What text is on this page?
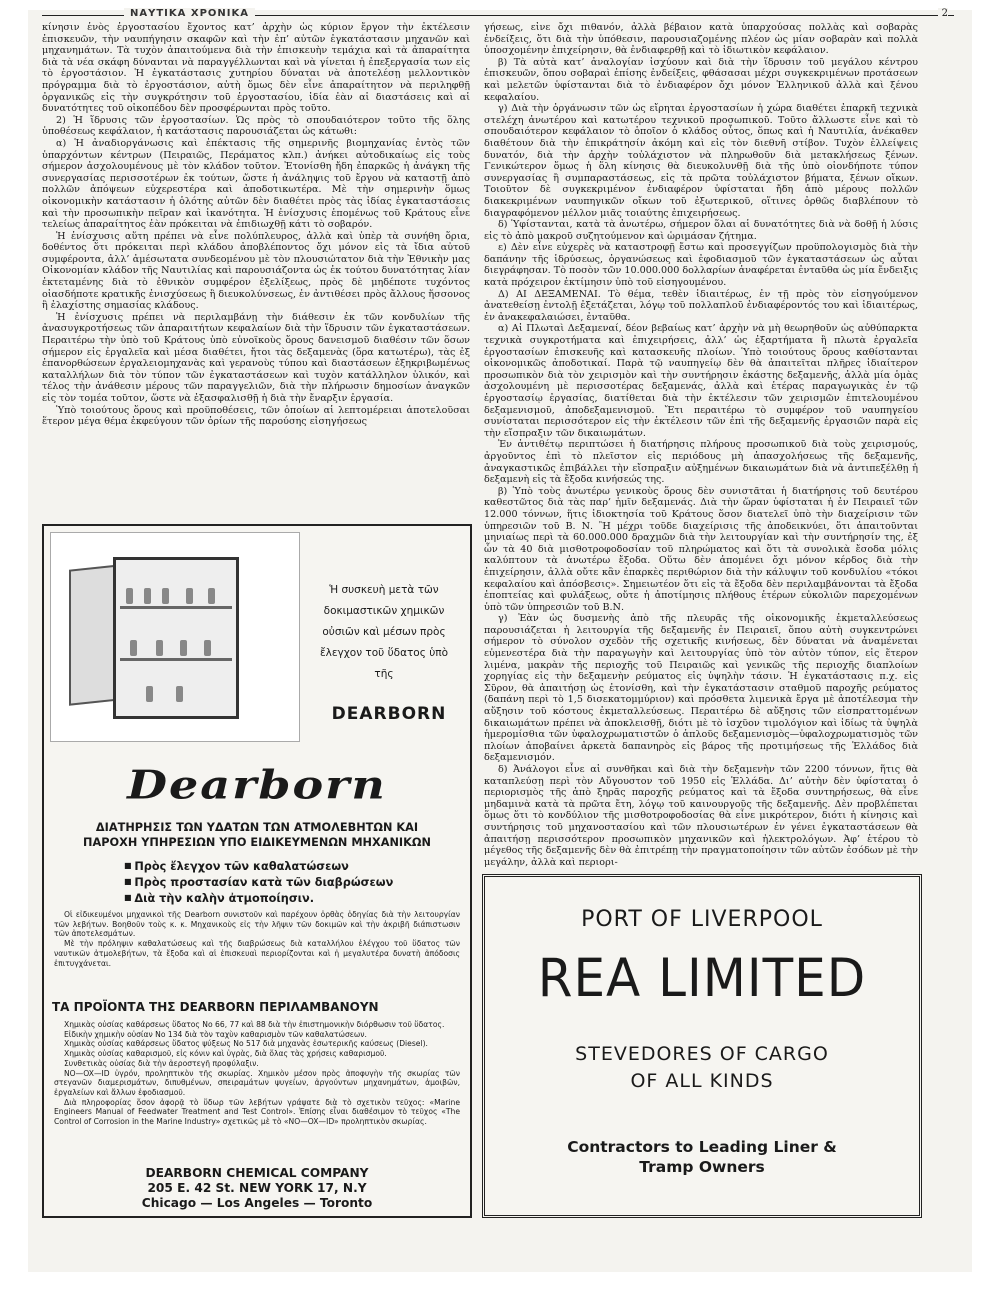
ΝΑΥΤΙΚΑ ΧΡΟΝΙΚΑ	2

κίνησιν ἑνὸς ἐργοστασίου ἔχοντος κατ’ ἀρχὴν ὡς κύριον ἔργον τὴν ἐκτέλεσιν ἐπισκευῶν, τὴν ναυπήγησιν σκαφῶν καὶ τὴν ἐπ’ αὐτῶν ἐγκατάστασιν μηχανῶν καὶ μηχανημάτων. Τὰ τυχὸν ἀπαιτούμενα διὰ τὴν ἐπισκευὴν τεμάχια καὶ τὰ ἀπαραίτητα διὰ τὰ νέα σκάφη δύνανται νὰ παραγγέλλωνται καὶ νὰ γίνεται ἡ ἐπεξεργασία των εἰς τὸ ἐργοστάσιον. Ἡ ἐγκατάστασις χυτηρίου δύναται νὰ ἀποτελέσῃ μελλοντικὸν πρόγραμμα διὰ τὸ ἐργοστάσιον, αὐτὴ ὅμως δὲν εἶνε ἀπαραίτητον νὰ περιληφθῇ ὀργανικῶς εἰς τὴν συγκρότησιν τοῦ ἐργοστασίου, ἰδία ἐὰν αἱ διαστάσεις καὶ αἱ δυνατότητες τοῦ οἰκοπέδου δὲν προσφέρωνται πρὸς τοῦτο.

2) Ἡ ἵδρυσις τῶν ἐργοστασίων. Ὡς πρὸς τὸ σπουδαιότερον τοῦτο τῆς ὅλης ὑποθέσεως κεφάλαιον, ἡ κατάστασις παρουσιάζεται ὡς κάτωθι:

α) Ἡ ἀναδιοργάνωσις καὶ ἐπέκτασις τῆς σημερινῆς βιομηχανίας ἐντὸς τῶν ὑπαρχόντων κέντρων (Πειραιῶς, Περάματος κλπ.) ἀνήκει αὐτοδικαίως εἰς τοὺς σήμερον ἀσχολουμένους μὲ τὸν κλάδον τοῦτον. Ἐτονίσθη ἤδη ἐπαρκῶς ἡ ἀνάγκη τῆς συνεργασίας περισσοτέρων ἐκ τούτων, ὥστε ἡ ἀνάληψις τοῦ ἔργου νὰ καταστῇ ἀπὸ πολλῶν ἀπόψεων εὐχερεστέρα καὶ ἀποδοτικωτέρα. Μὲ τὴν σημερινὴν ὅμως οἰκονομικὴν κατάστασιν ἡ ὁλότης αὐτῶν δὲν διαθέτει πρὸς τὰς ἰδίας ἐγκαταστάσεις καὶ τὴν προσωπικὴν πεῖραν καὶ ἱκανότητα. Ἡ ἐνίσχυσις ἑπομένως τοῦ Κράτους εἶνε τελείως ἀπαραίτητος ἐὰν πρόκειται νὰ ἐπιδιωχθῇ κάτι τὸ σοβαρόν.

Ἡ ἐνίσχυσις αὕτη πρέπει νὰ εἶνε πολύπλευρος, ἀλλὰ καὶ ὑπὲρ τὰ συνήθη ὅρια, δοθέντος ὅτι πρόκειται περὶ κλάδου ἀποβλέποντος ὄχι μόνον εἰς τὰ ἴδια αὐτοῦ συμφέροντα, ἀλλ’ ἀμέσωτατα συνδεομένου μὲ τὸν πλουσιώτατον διὰ τὴν Ἐθνικὴν μας Οἰκονομίαν κλάδον τῆς Ναυτιλίας καὶ παρουσιάζοντα ὡς ἐκ τούτου δυνατότητας λίαν ἐκτεταμένης διὰ τὸ ἐθνικὸν συμφέρον ἐξελίξεως, πρὸς δὲ μηδέποτε τυχόντος οἱασδήποτε κρατικῆς ἐνισχύσεως ἢ διευκολύνσεως, ἐν ἀντιθέσει πρὸς ἄλλους ἥσσονος ἢ ἐλαχίστης σημασίας κλάδους.

Ἡ ἐνίσχυσις πρέπει νὰ περιλαμβάνῃ τὴν διάθεσιν ἐκ τῶν κονδυλίων τῆς ἀνασυγκροτήσεως τῶν ἀπαραιτήτων κεφαλαίων διὰ τὴν ἵδρυσιν τῶν ἐγκαταστάσεων. Περαιτέρω τὴν ὑπὸ τοῦ Κράτους ὑπὸ εὐνοϊκοὺς ὅρους δανεισμοῦ διαθέσιν τῶν ὅσων σήμερον εἰς ἐργαλεῖα καὶ μέσα διαθέτει, ἤτοι τὰς δεξαμενὰς (ὅρα κατωτέρω), τὰς ἐξ ἐπανορθώσεων ἐργαλειομηχανὰς καὶ γερανοὺς τύπου καὶ διαστάσεων ἐξηκριβωμένως καταλλήλων διὰ τὸν τύπον τῶν ἐγκαταστάσεων καὶ τυχὸν κατάλληλον ὑλικόν, καὶ τέλος τὴν ἀνάθεσιν μέρους τῶν παραγγελιῶν, διὰ τὴν πλήρωσιν δημοσίων ἀναγκῶν εἰς τὸν τομέα τοῦτον, ὥστε νὰ ἐξασφαλισθῇ ἡ διὰ τὴν ἔναρξιν ἐργασία.

Ὑπὸ τοιούτους ὅρους καὶ προϋποθέσεις, τῶν ὁποίων αἱ λεπτομέρειαι ἀποτελοῦσαι ἕτερον μέγα θέμα ἐκφεύγουν τῶν ὁρίων τῆς παρούσης εἰσηγήσεως

γήσεως, εἶνε ὄχι πιθανόν, ἀλλὰ βέβαιον κατὰ ὑπαρχούσας πολλὰς καὶ σοβαρὰς ἐνδείξεις, ὅτι διὰ τὴν ὑπόθεσιν, παρουσιαζομένης πλέον ὡς μίαν σοβαρὰν καὶ πολλὰ ὑποσχομένην ἐπιχείρησιν, θὰ ἐνδιαφερθῇ καὶ τὸ ἰδιωτικὸν κεφάλαιον.

β) Τὰ αὐτὰ κατ’ ἀναλογίαν ἰσχύουν καὶ διὰ τὴν ἵδρυσιν τοῦ μεγάλου κέντρου ἐπισκευῶν, ὅπου σοβαραὶ ἐπίσης ἐνδείξεις, φθάσασαι μέχρι συγκεκριμένων προτάσεων καὶ μελετῶν ὑφίστανται διὰ τὸ ἐνδιαφέρον ὄχι μόνον Ἑλληνικοῦ ἀλλὰ καὶ ξένου κεφαλαίου.

γ) Διὰ τὴν ὀργάνωσιν τῶν ὡς εἴρηται ἐργοστασίων ἡ χώρα διαθέτει ἐπαρκῆ τεχνικὰ στελέχη ἀνωτέρου καὶ κατωτέρου τεχνικοῦ προσωπικοῦ. Τοῦτο ἄλλωστε εἶνε καὶ τὸ σπουδαιότερον κεφάλαιον τὸ ὁποῖον ὁ κλάδος οὗτος, ὅπως καὶ ἡ Ναυτιλία, ἀνέκαθεν διαθέτουν διὰ τὴν ἐπικράτησίν ἀκόμη καὶ εἰς τὸν διεθνῆ στίβον. Τυχὸν ἐλλείψεις δυνατόν, διὰ τὴν ἀρχὴν τοὐλάχιστον νὰ πληρωθοῦν διὰ μετακλήσεως ξένων. Γενικώτερον ὅμως ἡ ὅλη κίνησις θὰ διευκολυνθῇ διὰ τῆς ὑπὸ οἱονδήποτε τύπον συνεργασίας ἢ συμπαραστάσεως, εἰς τὰ πρῶτα τοὐλάχιστον βήματα, ξένων οἴκων. Τοιοῦτον δὲ συγκεκριμένον ἐνδιαφέρον ὑφίσταται ἤδη ἀπὸ μέρους πολλῶν διακεκριμένων ναυπηγικῶν οἴκων τοῦ ἐξωτερικοῦ, οἵτινες ὀρθῶς διαβλέπουν τὸ διαγραφόμενον μέλλον μιᾶς τοιαύτης ἐπιχειρήσεως.

δ) Ὑφίστανται, κατὰ τὰ ἀνωτέρω, σήμερον ὅλαι αἱ δυνατότητες διὰ νὰ δοθῇ ἡ λύσις εἰς τὸ ἀπὸ μακροῦ συζητούμενον καὶ ὡριμάσαν ζήτημα.

ε) Δὲν εἶνε εὐχερὲς νὰ καταστροφῇ ἔστω καὶ προσεγγίζων προϋπολογισμὸς διὰ τὴν δαπάνην τῆς ἱδρύσεως, ὀργανώσεως καὶ ἐφοδιασμοῦ τῶν ἐγκαταστάσεων ὡς αὗται διεγράφησαν. Τὸ ποσὸν τῶν 10.000.000 δολλαρίων ἀναφέρεται ἐνταῦθα ὡς μία ἔνδειξις κατὰ πρόχειρον ἐκτίμησιν ὑπὸ τοῦ εἰσηγουμένου.

Δ) ΑΙ ΔΕΞΑΜΕΝΑΙ. Τὸ θέμα, τεθὲν ἰδιαιτέρως, ἐν τῇ πρὸς τὸν εἰσηγούμενον ἀνατεθείσῃ ἐντολῇ ἐξετάζεται, λόγῳ τοῦ πολλαπλοῦ ἐνδιαφέροντός του καὶ ἰδιαιτέρως, ἐν ἀνακεφαλαιώσει, ἐνταῦθα.

α) Αἱ Πλωταὶ Δεξαμεναί, δέον βεβαίως κατ’ ἀρχὴν νὰ μὴ θεωρηθοῦν ὡς αὐθύπαρκτα τεχνικὰ συγκροτήματα καὶ ἐπιχειρήσεις, ἀλλ’ ὡς ἐξαρτήματα ἢ πλωτὰ ἐργαλεῖα ἐργοστασίων ἐπισκευῆς καὶ κατασκευῆς πλοίων. Ὑπὸ τοιούτους ὅρους καθίστανται οἰκονομικῶς ἀποδοτικαί. Παρὰ τῷ ναυπηγείῳ δὲν θὰ ἀπαιτεῖται πλῆρες ἰδιαίτερον προσωπικὸν διὰ τὸν χειρισμὸν καὶ τὴν συντήρησιν ἑκάστης δεξαμενῆς, ἀλλὰ μία ὁμὰς ἀσχολουμένη μὲ περισσοτέρας δεξαμενάς, ἀλλὰ καὶ ἑτέρας παραγωγικὰς ἐν τῷ ἐργοστασίῳ ἐργασίας, διατίθεται διὰ τὴν ἐκτέλεσιν τῶν χειρισμῶν ἐπιτελουμένου δεξαμενισμοῦ, ἀποδεξαμενισμοῦ. Ἔτι περαιτέρω τὸ συμφέρον τοῦ ναυπηγείου συνίσταται περισσότερον εἰς τὴν ἐκτέλεσιν τῶν ἐπὶ τῆς δεξαμενῆς ἐργασιῶν παρὰ εἰς τὴν εἴσπραξιν τῶν δικαιωμάτων.

Ἐν ἀντιθέτῳ περιπτώσει ἡ διατήρησις πλήρους προσωπικοῦ διὰ τοὺς χειρισμούς, ἀργοῦντος ἐπὶ τὸ πλεῖστον εἰς περιόδους μὴ ἀπασχολήσεως τῆς δεξαμενῆς, ἀναγκαστικῶς ἐπιβάλλει τὴν εἴσπραξιν αὐξημένων δικαιωμάτων διὰ νὰ ἀντιπεξέλθῃ ἡ δεξαμενὴ εἰς τὰ ἔξοδα κινήσεώς της.

β) Ὑπὸ τοὺς ἀνωτέρω γενικοὺς ὅρους δὲν συνιστᾶται ἡ διατήρησις τοῦ δευτέρου καθεστῶτος διὰ τὰς παρ’ ἡμῖν δεξαμενάς. Διὰ τὴν ὥραν ὑφίσταται ἡ ἐν Πειραιεῖ τῶν 12.000 τόννων, ἥτις ἰδιοκτησία τοῦ Κράτους ὅσον διατελεῖ ὑπὸ τὴν διαχείρισιν τῶν ὑπηρεσιῶν τοῦ Β. Ν. Ἢ μέχρι τοῦδε διαχείρισις τῆς ἀποδεικνύει, ὅτι ἀπαιτοῦνται μηνιαίως περὶ τὰ 60.000.000 δραχμῶν διὰ τὴν λειτουργίαν καὶ τὴν συντήρησίν της, ἐξ ὧν τὰ 40 διὰ μισθοτροφοδοσίαν τοῦ πληρώματος καὶ ὅτι τὰ συνολικὰ ἔσοδα μόλις καλύπτουν τὰ ἀνωτέρω ἔξοδα. Οὕτω δὲν ἀπομένει ὄχι μόνον κέρδος διὰ τὴν ἐπιχείρησιν, ἀλλὰ οὔτε κἂν ἐπαρκὲς περιθώριον διὰ τὴν κάλυψιν τοῦ κονδυλίου «τόκοι κεφαλαίου καὶ ἀπόσβεσις». Σημειωτέον ὅτι εἰς τὰ ἔξοδα δὲν περιλαμβάνονται τὰ ἔξοδα ἐποπτείας καὶ φυλάξεως, οὔτε ἡ ἀποτίμησις πλήθους ἑτέρων εὐκολιῶν παρεχομένων ὑπὸ τῶν ὑπηρεσιῶν τοῦ Β.Ν.

γ) Ἐὰν ὡς δυσμενὴς ἀπὸ τῆς πλευρᾶς τῆς οἰκονομικῆς ἐκμεταλλεύσεως παρουσιάζεται ἡ λειτουργία τῆς δεξαμενῆς ἐν Πειραιεῖ, ὅπου αὐτὴ συγκεντρώνει σήμερον τὸ σύνολον σχεδὸν τῆς σχετικῆς κινήσεως, δὲν δύναται νὰ ἀναμένεται εὐμενεστέρα διὰ τὴν παραγωγὴν καὶ λειτουργίας ὑπὸ τὸν αὐτὸν τύπον, εἰς ἕτερον λιμένα, μακρὰν τῆς περιοχῆς τοῦ Πειραιῶς καὶ γενικῶς τῆς περιοχῆς διαπλοίων χορηγίας εἰς τὴν δεξαμενὴν ρεύματος εἰς ὑψηλὴν τάσιν. Ἡ ἐγκατάστασις π.χ. εἰς Σῦρον, θὰ ἀπαιτήσῃ ὡς ἐτονίσθη, καὶ τὴν ἐγκατάστασιν σταθμοῦ παροχῆς ρεύματος (δαπάνη περὶ τὸ 1,5 δισεκατομμύριον) καὶ πρόσθετα λιμενικὰ ἔργα μὲ ἀποτέλεσμα τὴν αὔξησιν τοῦ κόστους ἐκμεταλλεύσεως. Περαιτέρω δὲ αὔξησις τῶν εἰσπραττομένων δικαιωμάτων πρέπει νὰ ἀποκλεισθῇ, διότι μὲ τὸ ἰσχῦον τιμολόγιον καὶ ἰδίως τὰ ὑψηλὰ ἡμερομίσθια τῶν ὑφαλοχρωματιστῶν ὁ ἁπλοῦς δεξαμενισμὸς—ὑφαλοχρωματισμὸς τῶν πλοίων ἀποβαίνει ἀρκετὰ δαπανηρὸς εἰς βάρος τῆς προτιμήσεως τῆς Ἑλλάδος διὰ δεξαμενισμόν.

δ) Ἀνάλογοι εἶνε αἱ συνθῆκαι καὶ διὰ τὴν δεξαμενὴν τῶν 2200 τόννων, ἥτις θὰ καταπλεύσῃ περὶ τὸν Αὔγουστον τοῦ 1950 εἰς Ἑλλάδα. Δι’ αὐτὴν δὲν ὑφίσταται ὁ περιορισμὸς τῆς ἀπὸ ξηρᾶς παροχῆς ρεύματος καὶ τὰ ἔξοδα συντηρήσεως, θὰ εἶνε μηδαμινὰ κατὰ τὰ πρῶτα ἔτη, λόγῳ τοῦ καινουργοῦς τῆς δεξαμενῆς. Δὲν προβλέπεται ὅμως ὅτι τὸ κονδύλιον τῆς μισθοτροφοδοσίας θὰ εἶνε μικρότερον, διότι ἡ κίνησις καὶ συντήρησις τοῦ μηχανοστασίου καὶ τῶν πλουσιωτέρων ἐν γένει ἐγκαταστάσεων θὰ ἀπαιτήσῃ περισσότερον προσωπικὸν μηχανικῶν καὶ ἠλεκτρολόγων. Ἀφ’ ἑτέρου τὸ μέγεθος τῆς δεξαμενῆς δὲν θὰ ἐπιτρέπῃ τὴν πραγματοποίησιν τῶν αὐτῶν ἐσόδων μὲ τὴν μεγάλην, ἀλλὰ καὶ περιορι-

Ἡ συσκευὴ μετὰ τῶν δοκιμαστικῶν χημικῶν οὐσιῶν καὶ μέσων πρὸς ἔλεγχον τοῦ ὕδατος ὑπὸ τῆς
DEARBORN
Dearborn
ΔΙΑΤΗΡΗΣΙΣ ΤΩΝ ΥΔΑΤΩΝ ΤΩΝ ΑΤΜΟΛΕΒΗΤΩΝ ΚΑΙ
ΠΑΡΟΧΗ ΥΠΗΡΕΣΙΩΝ ΥΠΟ ΕΙΔΙΚΕΥΜΕΝΩΝ ΜΗΧΑΝΙΚΩΝ
■ Πρὸς ἔλεγχον τῶν καθαλατώσεων
■ Πρὸς προστασίαν κατὰ τῶν διαβρώσεων
■ Διὰ τὴν καλὴν ἀτμοποίησιν.

Οἱ εἰδικευμένοι μηχανικοὶ τῆς Dearborn συνιστοῦν καὶ παρέχουν ὀρθὰς ὁδηγίας διὰ τὴν λειτουργίαν τῶν λεβήτων. Βοηθοῦν τοὺς κ. κ. Μηχανικοὺς εἰς τὴν λῆψιν τῶν δοκιμῶν καὶ τὴν ἀκριβῆ διάπιστωσιν τῶν ἀποτελεσμάτων.

Μὲ τὴν πρόληψιν καθαλατώσεως καὶ τῆς διαβρώσεως διὰ καταλλήλου ἐλέγχου τοῦ ὕδατος τῶν ναυτικῶν ἀτμολεβήτων, τὰ ἔξοδα καὶ αἱ ἐπισκευαὶ περιορίζονται καὶ ἡ μεγαλυτέρα δυνατὴ ἀπόδοσις ἐπιτυγχάνεται.

ΤΑ ΠΡΟΪΟΝΤΑ ΤΗΣ DEARBORN ΠΕΡΙΛΑΜΒΑΝΟΥΝ

Χημικὰς οὐσίας καθάρσεως ὕδατος No 66, 77 καὶ 88 διὰ τὴν ἐπιστημονικὴν διόρθωσιν τοῦ ὕδατος.

Εἰδικὴν χημικὴν οὐσίαν No 134 διὰ τὸν ταχὺν καθαρισμὸν τῶν καθαλατώσεων.

Χημικὰς οὐσίας καθάρσεως ὕδατος ψύξεως No 517 διὰ μηχανὰς ἐσωτερικῆς καύσεως (Diesel).

Χημικὰς οὐσίας καθαρισμοῦ, εἰς κόνιν καὶ ὑγρὰς, διὰ ὅλας τὰς χρήσεις καθαρισμοῦ.

Συνθετικὰς οὐσίας διὰ τὴν ἀεροστεγῆ προφύλαξιν.

NO—OX—ID ὑγρόν, προληπτικὸν τῆς σκωρίας. Χημικὸν μέσον πρὸς ἀποφυγὴν τῆς σκωρίας τῶν στεγανῶν διαμερισμάτων, διπυθμένων, σπειραμάτων ψυγείων, ἀργούντων μηχανημάτων, ἀμοιβῶν, ἐργαλείων καὶ ἄλλων ἐφοδιασμοῦ.

Διὰ πληροφορίας ὅσον ἀφορᾷ τὸ ὕδωρ τῶν λεβήτων γράψατε διὰ τὸ σχετικὸν τεῦχος: «Marine Engineers Manual of Feedwater Treatment and Test Control». Ἐπίσης εἶναι διαθέσιμον τὸ τεῦχος «The Control of Corrosion in the Marine Industry» σχετικῶς μὲ τὸ «NO—OX—ID» προληπτικὸν σκωρίας.

DEARBORN CHEMICAL COMPANY
205 E. 42 St. NEW YORK 17, N.Y
Chicago — Los Angeles — Toronto
PORT OF LIVERPOOL
REA LIMITED
STEVEDORES OF CARGO
OF ALL KINDS
Contractors to Leading Liner &
Tramp Owners
